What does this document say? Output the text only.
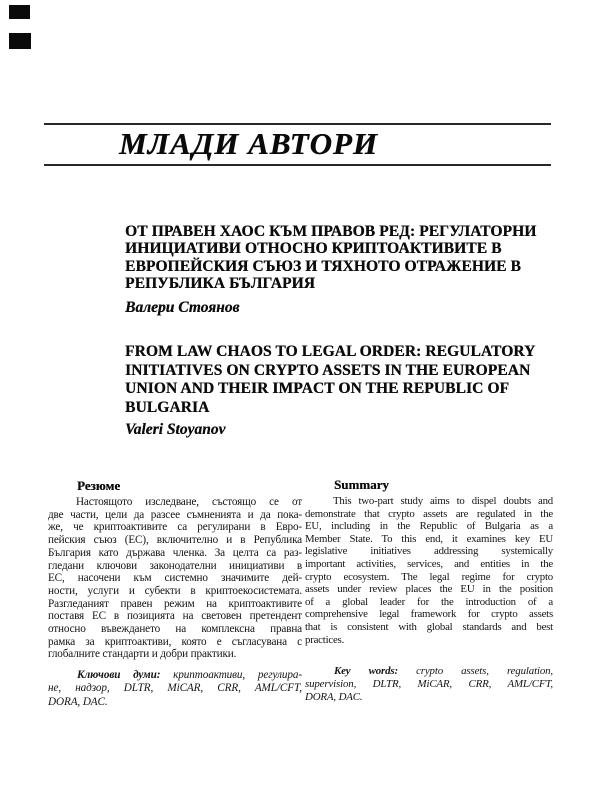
МЛАДИ АВТОРИ
ОТ ПРАВЕН ХАОС КЪМ ПРАВОВ РЕД: РЕГУЛАТОРНИ
ИНИЦИАТИВИ ОТНОСНО КРИПТОАКТИВИТЕ В
ЕВРОПЕЙСКИЯ СЪЮЗ И ТЯХНОТО ОТРАЖЕНИЕ В
РЕПУБЛИКА БЪЛГАРИЯ
Валери Стоянов
FROM LAW CHAOS TO LEGAL ORDER: REGULATORY
INITIATIVES ON CRYPTO ASSETS IN THE EUROPEAN
UNION AND THEIR IMPACT ON THE REPUBLIC OF
BULGARIA
Valeri Stoyanov
Резюме
Настоящото изследване, състоящо се от
две части, цели да разсее съмненията и да пока-
же, че криптоактивите са регулирани в Евро-
пейския съюз (ЕС), включително и в Република
България като държава членка. За целта са раз-
гледани ключови законодателни инициативи в
ЕС, насочени към системно значимите дей-
ности, услуги и субекти в криптоекосистемата.
Разгледаният правен режим на криптоактивите
поставя ЕС в позицията на световен претендент
относно въвеждането на комплексна правна
рамка за криптоактиви, която е съгласувана с
глобалните стандарти и добри практики.
Ключови думи: криптоактиви, регулира-
не, надзор, DLTR, MiCAR, CRR, AML/CFT,
DORA, DAC.
Summary
This two-part study aims to dispel doubts and
demonstrate that crypto assets are regulated in the
EU, including in the Republic of Bulgaria as a
Member State. To this end, it examines key EU
legislative initiatives addressing systemically
important activities, services, and entities in the
crypto ecosystem. The legal regime for crypto
assets under review places the EU in the position
of a global leader for the introduction of a
comprehensive legal framework for crypto assets
that is consistent with global standards and best
practices.
Key words: crypto assets, regulation,
supervision, DLTR, MiCAR, CRR, AML/CFT,
DORA, DAC.
